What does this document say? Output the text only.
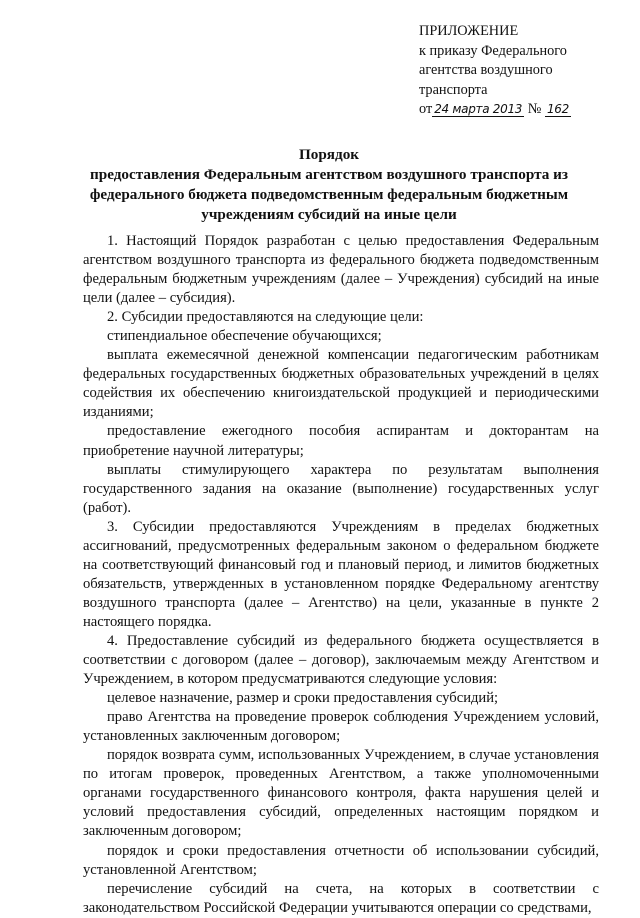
ПРИЛОЖЕНИЕ
к приказу Федерального
агентства воздушного
транспорта
от 24 марта 2013 № 162
Порядок
предоставления Федеральным агентством воздушного транспорта из
федерального бюджета подведомственным федеральным бюджетным
учреждениям субсидий на иные цели

1. Настоящий Порядок разработан с целью предоставления Федеральным агентством воздушного транспорта из федерального бюджета подведомственным федеральным бюджетным учреждениям (далее – Учреждения) субсидий на иные цели (далее – субсидия).

2. Субсидии предоставляются на следующие цели:

стипендиальное обеспечение обучающихся;

выплата ежемесячной денежной компенсации педагогическим работникам федеральных государственных бюджетных образовательных учреждений в целях содействия их обеспечению книгоиздательской продукцией и периодическими изданиями;

предоставление ежегодного пособия аспирантам и докторантам на приобретение научной литературы;

выплаты стимулирующего характера по результатам выполнения государственного задания на оказание (выполнение) государственных услуг (работ).

3. Субсидии предоставляются Учреждениям в пределах бюджетных ассигнований, предусмотренных федеральным законом о федеральном бюджете на соответствующий финансовый год и плановый период, и лимитов бюджетных обязательств, утвержденных в установленном порядке Федеральному агентству воздушного транспорта (далее – Агентство) на цели, указанные в пункте 2 настоящего порядка.

4. Предоставление субсидий из федерального бюджета осуществляется в соответствии с договором (далее – договор), заключаемым между Агентством и Учреждением, в котором предусматриваются следующие условия:

целевое назначение, размер и сроки предоставления субсидий;

право Агентства на проведение проверок соблюдения Учреждением условий, установленных заключенным договором;

порядок возврата сумм, использованных Учреждением, в случае установления по итогам проверок, проведенных Агентством, а также уполномоченными органами государственного финансового контроля, факта нарушения целей и условий предоставления субсидий, определенных настоящим порядком и заключенным договором;

порядок и сроки предоставления отчетности об использовании субсидий, установленной Агентством;

перечисление субсидий на счета, на которых в соответствии с законодательством Российской Федерации учитываются операции со средствами,
